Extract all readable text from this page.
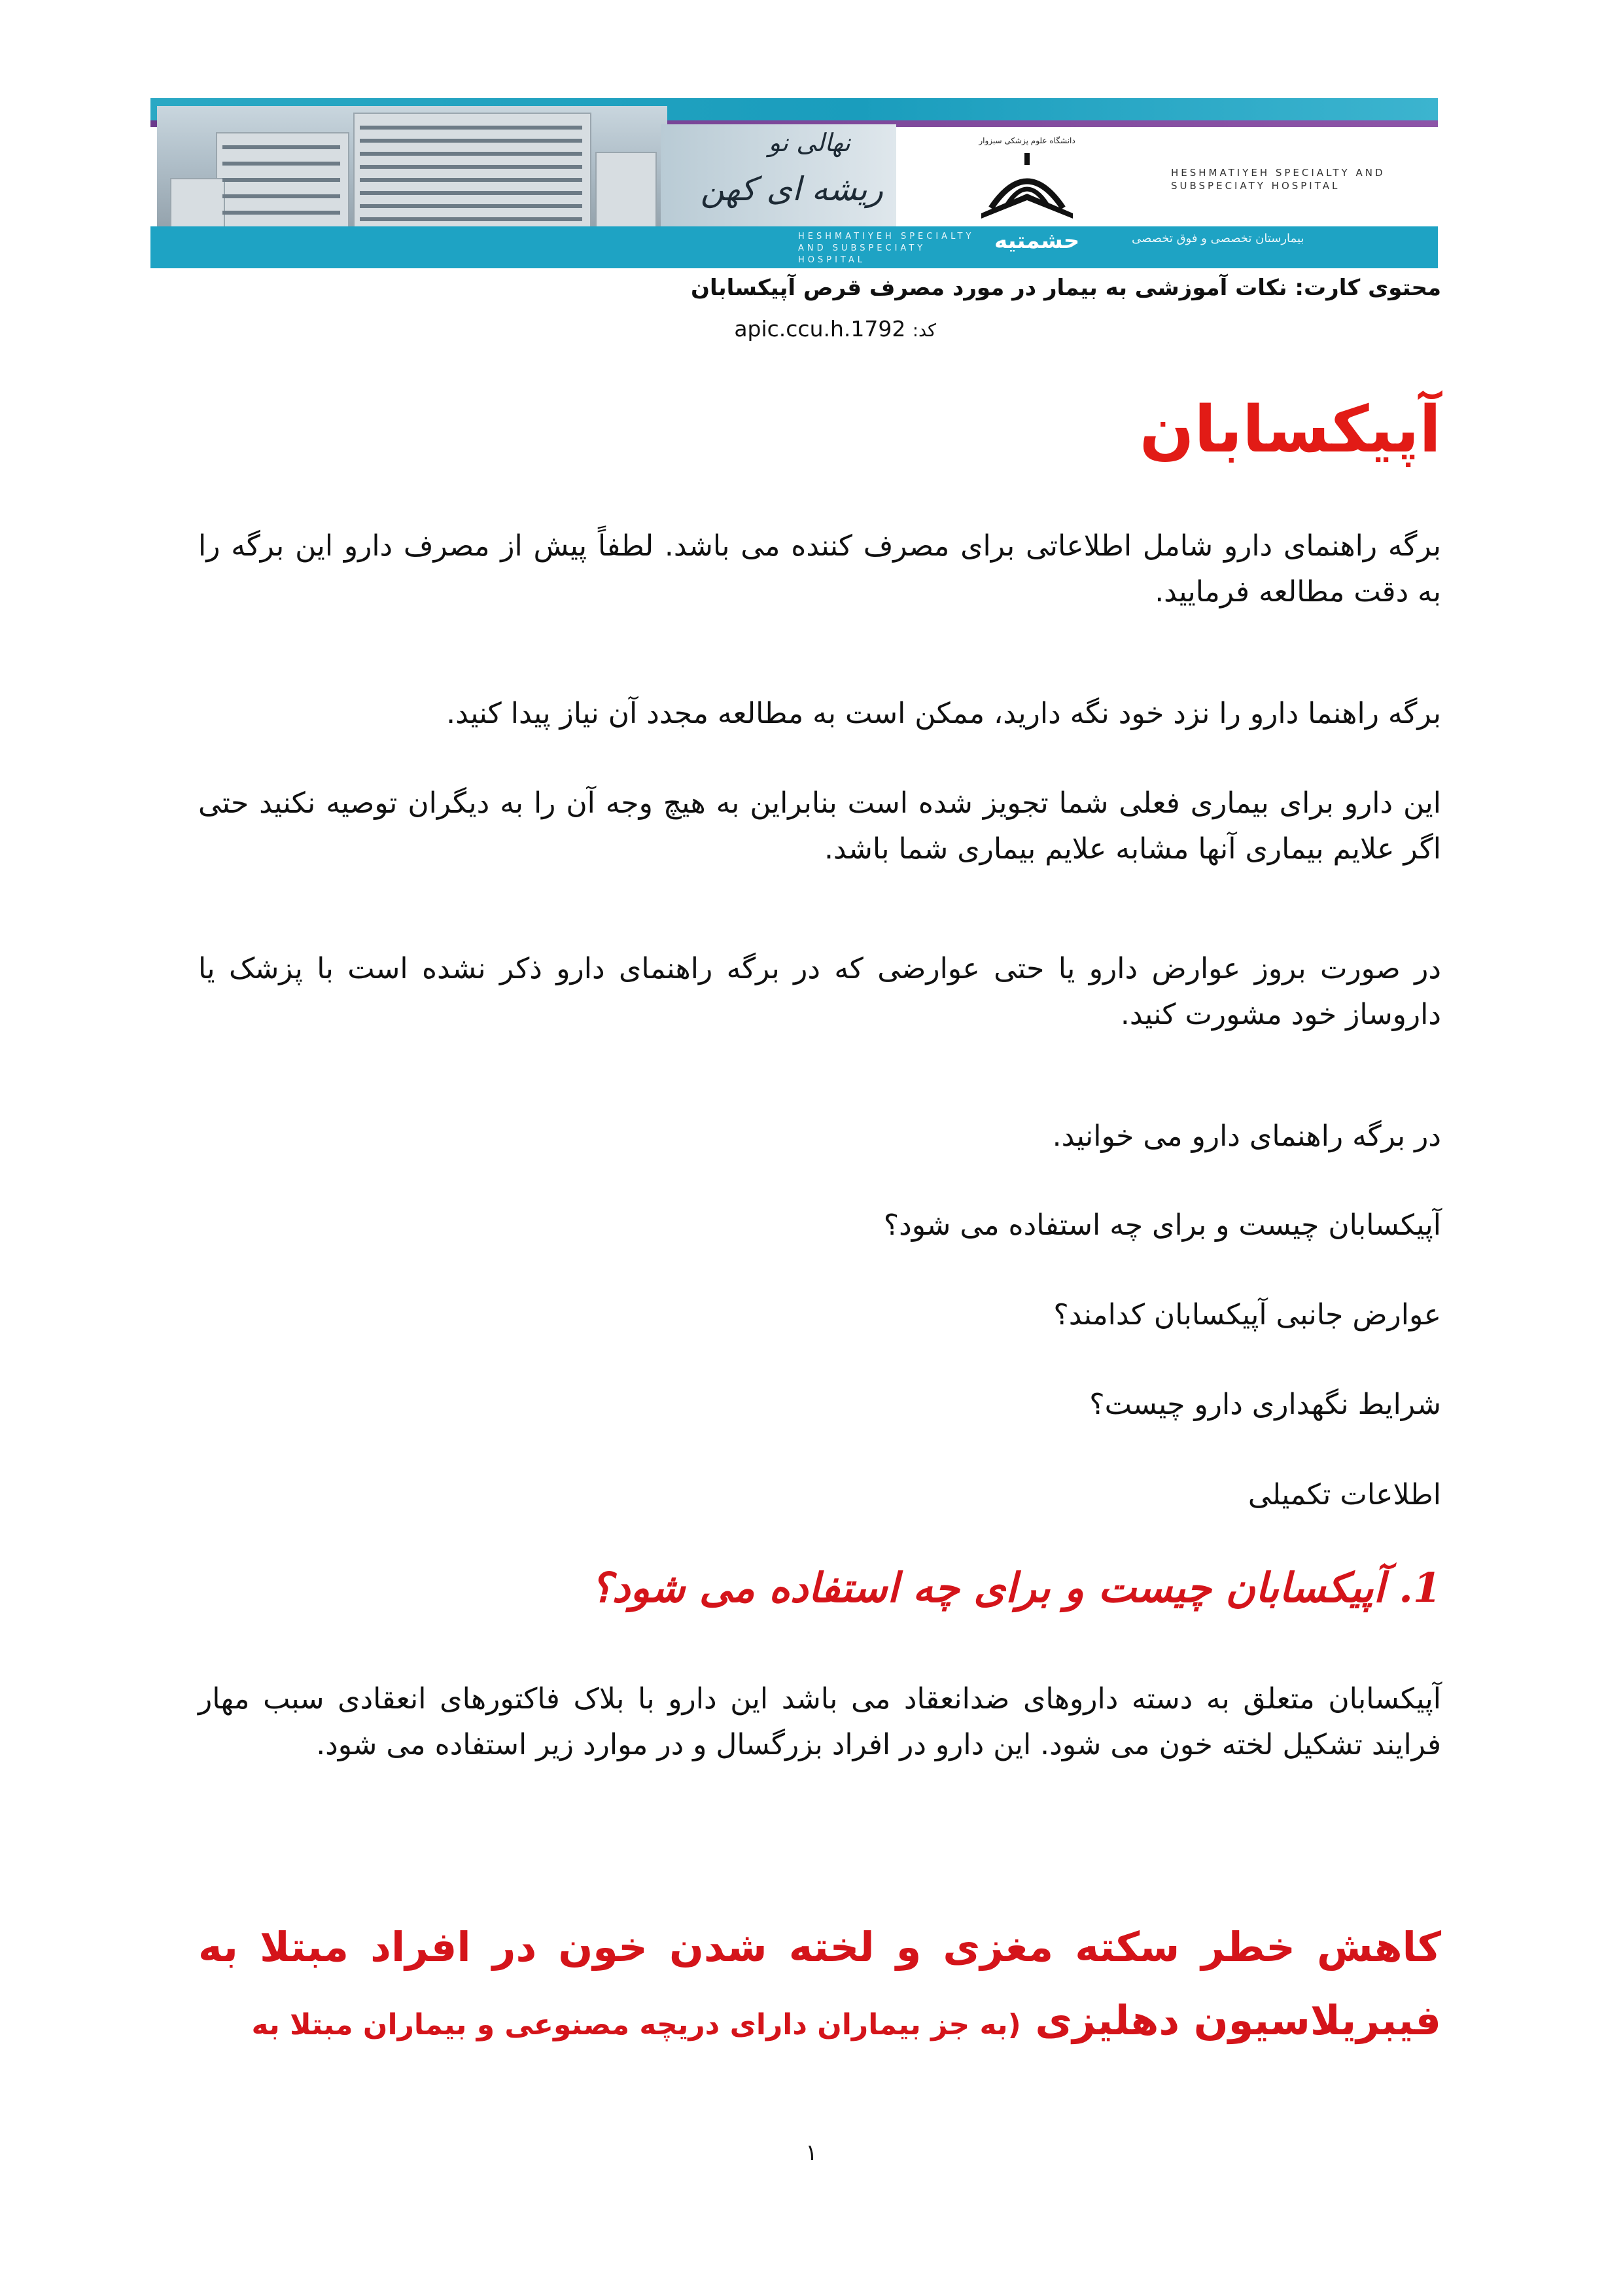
نهالی نو
ریشه ای کهن
دانشگاه علوم پزشکی سبزوار
HESHMATIYEH SPECIALTY AND SUBSPECIATY HOSPITAL
HESHMATIYEH SPECIALTY AND SUBSPECIATY HOSPITAL
حشمتیه	بیمارستان تخصصی و فوق تخصصی
محتوی کارت: نکات آموزشی به بیمار در مورد مصرف قرص آپیکسابان
کد: apic.ccu.h.1792
آپیکسابان
برگه راهنمای دارو شامل اطلاعاتی برای مصرف کننده می باشد. لطفاً پیش از مصرف دارو این برگه را به دقت مطالعه فرمایید.
برگه راهنما دارو را نزد خود نگه دارید، ممکن است به مطالعه مجدد آن نیاز پیدا کنید.
این دارو برای بیماری فعلی شما تجویز شده است بنابراین به هیچ وجه آن را به دیگران توصیه نکنید حتی اگر علایم بیماری آنها مشابه علایم بیماری شما باشد.
در صورت بروز عوارض دارو یا حتی عوارضی که در برگه راهنمای دارو ذکر نشده است با پزشک یا داروساز خود مشورت کنید.
در برگه راهنمای دارو می خوانید.
آپیکسابان چیست و برای چه استفاده می شود؟
عوارض جانبی آپیکسابان کدامند؟
شرایط نگهداری دارو چیست؟
اطلاعات تکمیلی
1. آپیکسابان چیست و برای چه استفاده می شود؟
آپیکسابان متعلق به دسته داروهای ضدانعقاد می باشد این دارو با بلاک فاکتورهای انعقادی سبب مهار فرایند تشکیل لخته خون می شود. این دارو در افراد بزرگسال و در موارد زیر استفاده می شود.
کاهش خطر سکته مغزی و لخته شدن خون در افراد مبتلا به فیبریلاسیون دهلیزی (به جز بیماران دارای دریچه مصنوعی و بیماران مبتلا به
۱
